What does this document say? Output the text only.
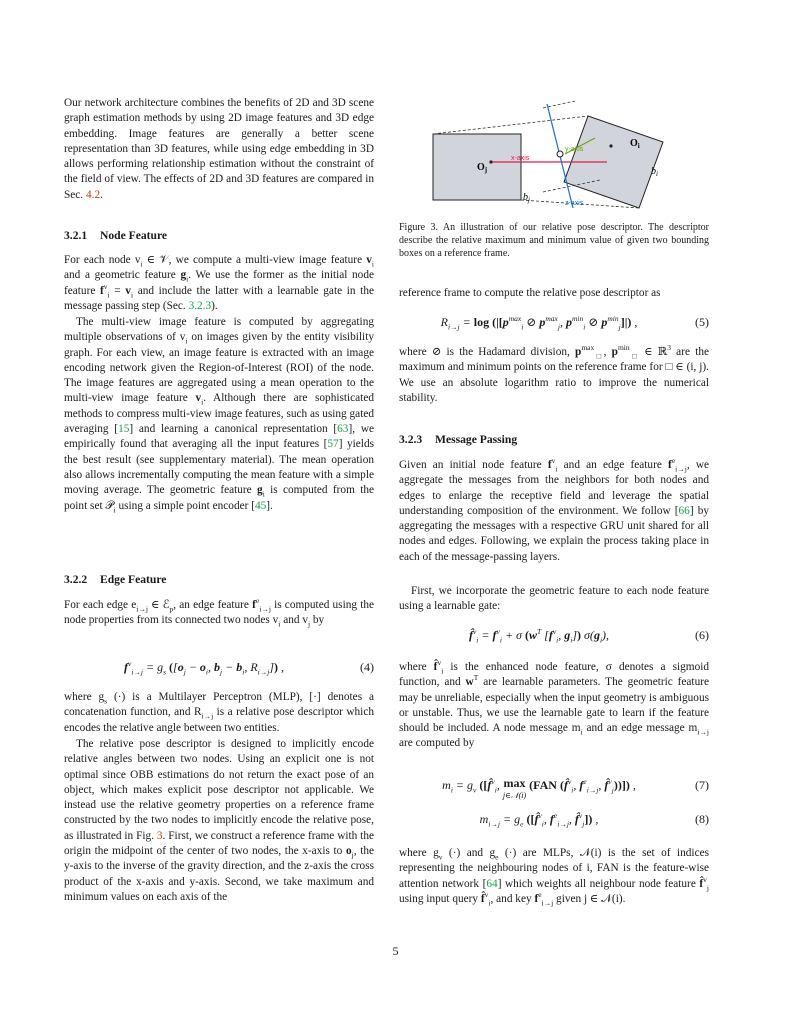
Our network architecture combines the benefits of 2D and 3D scene graph estimation methods by using 2D image features and 3D edge embedding. Image features are generally a better scene representation than 3D features, while using edge embedding in 3D allows performing relationship estimation without the constraint of the field of view. The effects of 2D and 3D features are compared in Sec. 4.2.

3.2.1 Node Feature

For each node $v_i$ ∈ 𝒱, we compute a multi-view image feature $v_i$ and a geometric feature $g_i$. We use the former as the initial node feature $f^v_i = v_i$ and include the latter with a learnable gate in the message passing step (Sec. 3.2.3).

The multi-view image feature is computed by aggregating multiple observations of $v_i$ on images given by the entity visibility graph. For each view, an image feature is extracted with an image encoding network given the Region-of-Interest (ROI) of the node. The image features are aggregated using a mean operation to the multi-view image feature $v_i$. Although there are sophisticated methods to compress multi-view image features, such as using gated averaging [15] and learning a canonical representation [63], we empirically found that averaging all the input features [57] yields the best result (see supplementary material). The mean operation also allows incrementally computing the mean feature with a simple moving average. The geometric feature $g_i$ is computed from the point set 𝒫$_i$ using a simple point encoder [45].

3.2.2 Edge Feature

For each edge $e_{i\to j}$ ∈ ℰ$_p$, an edge feature $f^e_{i\to j}$ is computed using the node properties from its connected two nodes $v_i$ and $v_j$ by

$f^v_{i\to j} = g_s$ ([$o_j - o_i$, $b_j - b_i$, $R_{i\to j}$]) ,	(4)

where $g_s$ (·) is a Multilayer Perceptron (MLP), [·] denotes a concatenation function, and $R_{i\to j}$ is a relative pose descriptor which encodes the relative angle between two entities.

The relative pose descriptor is designed to implicitly encode relative angles between two nodes. Using an explicit one is not optimal since OBB estimations do not return the exact pose of an object, which makes explicit pose descriptor not applicable. We instead use the relative geometry properties on a reference frame constructed by the two nodes to implicitly encode the relative pose, as illustrated in Fig. 3. First, we construct a reference frame with the origin the midpoint of the center of two nodes, the x-axis to $o_j$, the y-axis to the inverse of the gravity direction, and the z-axis the cross product of the x-axis and y-axis. Second, we take maximum and minimum values on each axis of the

$O_j$
$O_i$
$b_i$
$b_j$
x-axis
y-axis
z-axis

Figure 3. An illustration of our relative pose descriptor. The descriptor describe the relative maximum and minimum value of given two bounding boxes on a reference frame.

reference frame to compute the relative pose descriptor as

$R_{i\to j} = \log (|[p^{max}_i$ ⊘ $p^{max}_j$, $p^{min}_i$ ⊘ $p^{min}_j]|$) ,	(5)

where ⊘ is the Hadamard division, $p^{max}_□$, $p^{min}_□$ ∈ ℝ$^3$ are the maximum and minimum points on the reference frame for □ ∈ (i, j). We use an absolute logarithm ratio to improve the numerical stability.

3.2.3 Message Passing

Given an initial node feature $f^v_i$ and an edge feature $f^e_{i\to j}$, we aggregate the messages from the neighbors for both nodes and edges to enlarge the receptive field and leverage the spatial understanding composition of the environment. We follow [66] by aggregating the messages with a respective GRU unit shared for all nodes and edges. Following, we explain the process taking place in each of the message-passing layers.

First, we incorporate the geometric feature to each node feature using a learnable gate:

f̂$^v_i$ = $f^v_i + \sigma$ ($w^T$ [$f^v_i$, $g_i$]) $\sigma(g_i)$,	(6)

where f̂$^v_i$ is the enhanced node feature, σ denotes a sigmoid function, and $w^T$ are learnable parameters. The geometric feature may be unreliable, especially when the input geometry is ambiguous or unstable. Thus, we use the learnable gate to learn if the feature should be included. A node message $m_i$ and an edge message $m_{i\to j}$ are computed by

$m_i = g_v$ ([f̂$^v_i$, max
j∈𝒩(i) (FAN (f̂$^v_i$, $f^e_{i\to j}$, f̂$^v_j$))]) ,	(7)
$m_{i\to j} = g_e$ ([f̂$^v_i$, $f^e_{i\to j}$, f̂$^v_j$]) ,	(8)

where $g_v$ (·) and $g_e$ (·) are MLPs, 𝒩(i) is the set of indices representing the neighbouring nodes of i, FAN is the feature-wise attention network [64] which weights all neighbour node feature f̂$^v_j$ using input query f̂$^v_i$, and key $f^e_{i\to j}$ given j ∈ 𝒩(i).

5
